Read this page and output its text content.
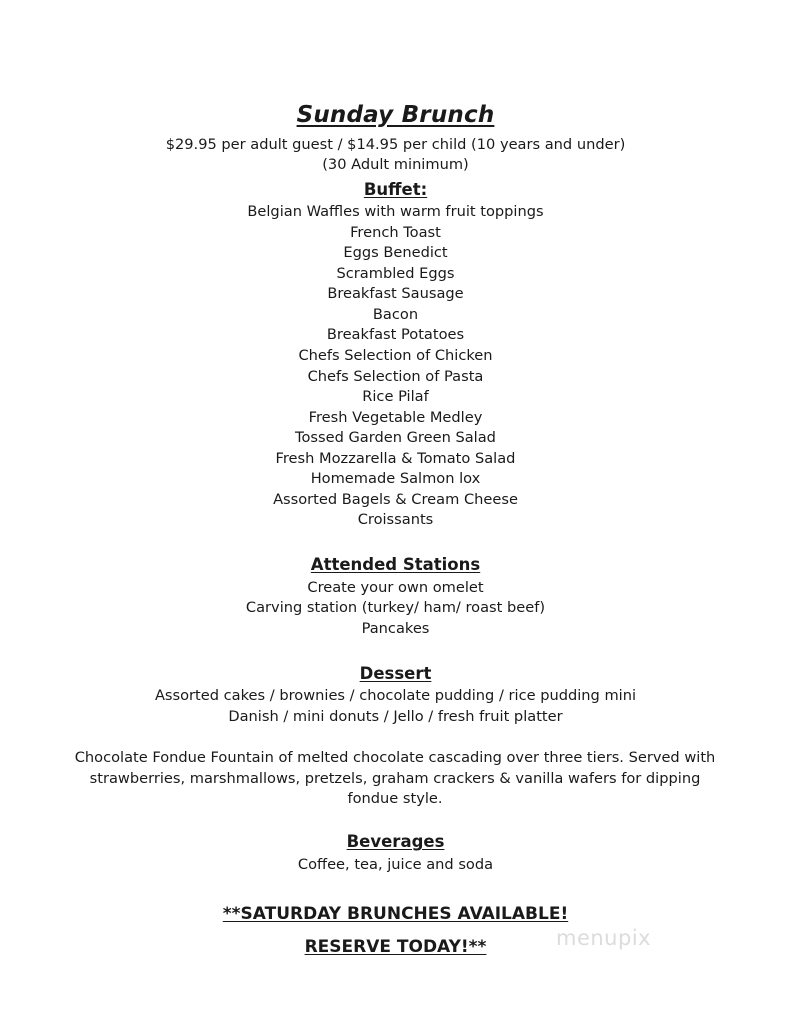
Sunday Brunch
$29.95 per adult guest / $14.95 per child (10 years and under)
(30 Adult minimum)
Buffet:
Belgian Waffles with warm fruit toppings
French Toast
Eggs Benedict
Scrambled Eggs
Breakfast Sausage
Bacon
Breakfast Potatoes
Chefs Selection of Chicken
Chefs Selection of Pasta
Rice Pilaf
Fresh Vegetable Medley
Tossed Garden Green Salad
Fresh Mozzarella & Tomato Salad
Homemade Salmon lox
Assorted Bagels & Cream Cheese
Croissants
Attended Stations
Create your own omelet
Carving station (turkey/ ham/ roast beef)
Pancakes
Dessert
Assorted cakes / brownies / chocolate pudding / rice pudding mini
Danish / mini donuts / Jello / fresh fruit platter
Chocolate Fondue Fountain of melted chocolate cascading over three tiers. Served with strawberries, marshmallows, pretzels, graham crackers & vanilla wafers for dipping fondue style.
Beverages
Coffee, tea, juice and soda
**SATURDAY BRUNCHES AVAILABLE!
RESERVE TODAY!**	menupix
